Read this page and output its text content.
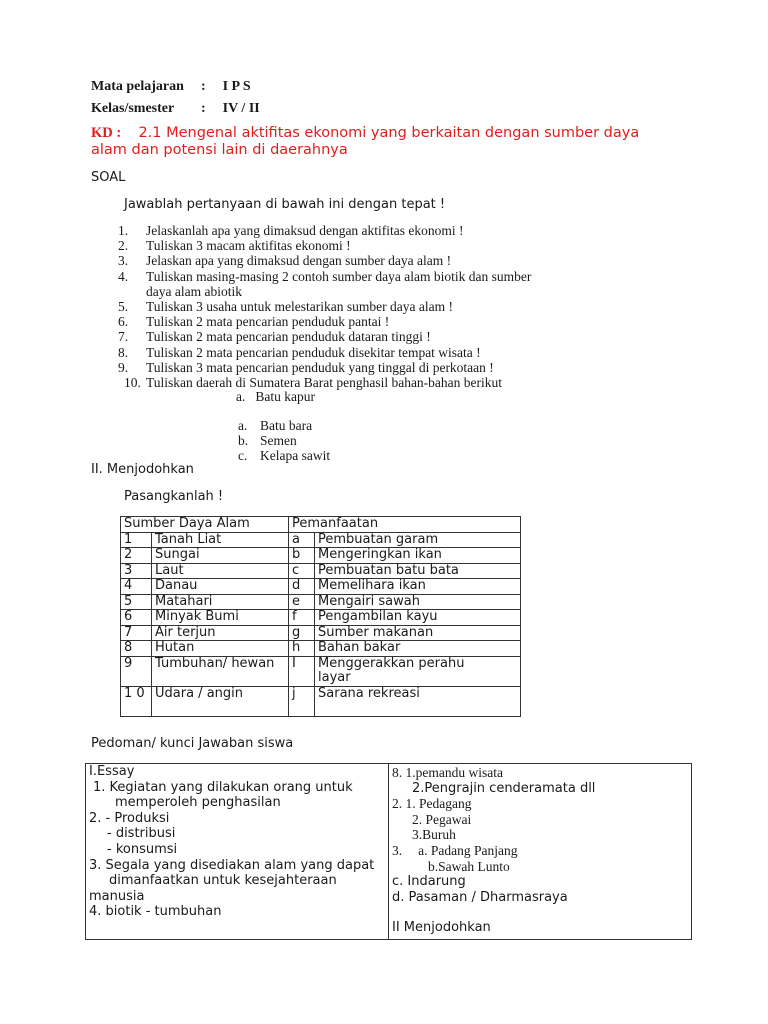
Mata pelajaran : I P S
Kelas/smester : IV / II
KD : 2.1 Mengenal aktifitas ekonomi yang berkaitan dengan sumber daya
alam dan potensi lain di daerahnya
SOAL
Jawablah pertanyaan di bawah ini dengan tepat !
1.	Jelaskanlah apa yang dimaksud dengan aktifitas ekonomi !
2.	Tuliskan 3 macam aktifitas ekonomi !
3.	Jelaskan apa yang dimaksud dengan sumber daya alam !
4.	Tuliskan masing-masing 2 contoh sumber daya alam biotik dan sumber daya alam abiotik
5.	Tuliskan 3 usaha untuk melestarikan sumber daya alam !
6.	Tuliskan 2 mata pencarian penduduk pantai !
7.	Tuliskan 2 mata pencarian penduduk dataran tinggi !
8.	Tuliskan 2 mata pencarian penduduk disekitar tempat wisata !
9.	Tuliskan 3 mata pencarian penduduk yang tinggal di perkotaan !
10. Tuliskan daerah di Sumatera Barat penghasil bahan-bahan berikut
a. Batu kapur
a. Batu bara
b. Semen
c. Kelapa sawit
II. Menjodohkan
Pasangkanlah !
Sumber Daya Alam		Pemanfaatan	
1	Tanah Liat	a	Pembuatan garam
2	Sungai	b	Mengeringkan ikan
3	Laut	c	Pembuatan batu bata
4	Danau	d	Memelihara ikan
5	Matahari	e	Mengairi sawah
6	Minyak Bumi	f	Pengambilan kayu
7	Air terjun	g	Sumber makanan
8	Hutan	h	Bahan bakar
9	Tumbuhan/ hewan	I	Menggerakkan perahu layar
1 0	Udara / angin	j	Sarana rekreasi
Pedoman/ kunci Jawaban siswa
I.Essay
1. Kegiatan yang dilakukan orang untuk
memperoleh penghasilan
2. - Produksi
- distribusi
- konsumsi
3. Segala yang disediakan alam yang dapat
dimanfaatkan untuk kesejahteraan manusia
4. biotik - tumbuhan

8. 1.pemandu wisata
2.Pengrajin cenderamata dll
2. 1. Pedagang
2. Pegawai
3.Buruh
3. a. Padang Panjang
b.Sawah Lunto
c. Indarung
d. Pasaman / Dharmasraya
II Menjodohkan
